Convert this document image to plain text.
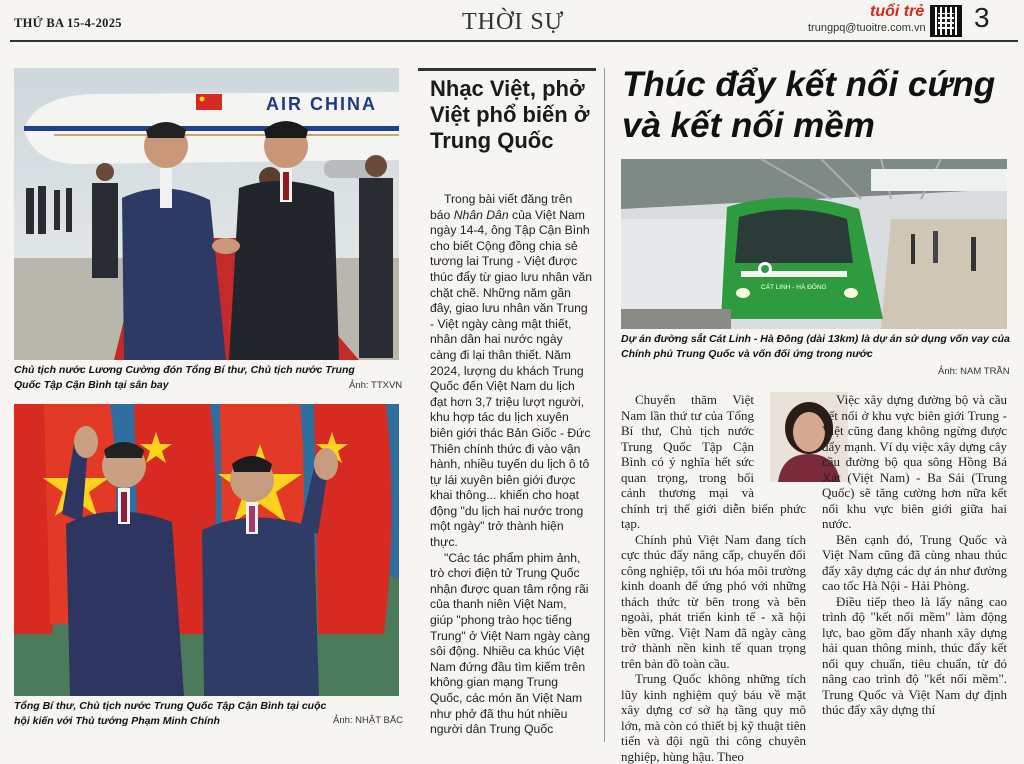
THỨ BA 15-4-2025	THỜI SỰ	tuổi trẻ
trungpq@tuoitre.com.vn 3
AIR CHINA
Chủ tịch nước Lương Cường đón Tổng Bí thư, Chủ tịch nước Trung Quốc Tập Cận Bình tại sân bay	Ảnh: TTXVN
Tổng Bí thư, Chủ tịch nước Trung Quốc Tập Cận Bình tại cuộc hội kiến với Thủ tướng Phạm Minh Chính	Ảnh: NHẬT BẮC
Nhạc Việt, phở Việt phổ biến ở Trung Quốc

Trong bài viết đăng trên báo Nhân Dân của Việt Nam ngày 14-4, ông Tập Cận Bình cho biết Cộng đồng chia sẻ tương lai Trung - Việt được thúc đẩy từ giao lưu nhân văn chặt chẽ. Những năm gần đây, giao lưu nhân văn Trung - Việt ngày càng mật thiết, nhân dân hai nước ngày càng đi lại thân thiết. Năm 2024, lượng du khách Trung Quốc đến Việt Nam du lịch đạt hơn 3,7 triệu lượt người, khu hợp tác du lịch xuyên biên giới thác Bản Giốc - Đức Thiên chính thức đi vào vận hành, nhiều tuyến du lịch ô tô tự lái xuyên biên giới được khai thông... khiến cho hoạt động "du lịch hai nước trong một ngày" trở thành hiện thực.

"Các tác phẩm phim ảnh, trò chơi điện tử Trung Quốc nhận được quan tâm rộng rãi của thanh niên Việt Nam, giúp "phong trào học tiếng Trung" ở Việt Nam ngày càng sôi động. Nhiều ca khúc Việt Nam đứng đầu tìm kiếm trên không gian mạng Trung Quốc, các món ăn Việt Nam như phở đã thu hút nhiều người dân Trung Quốc

Thúc đẩy kết nối cứng và kết nối mềm
CÁT LINH - HÀ ĐÔNG
Dự án đường sắt Cát Linh - Hà Đông (dài 13km) là dự án sử dụng vốn vay của Chính phủ Trung Quốc và vốn đối ứng trong nước
Ảnh: NAM TRẦN

Chuyến thăm Việt Nam lần thứ tư của Tổng Bí thư, Chủ tịch nước Trung Quốc Tập Cận Bình có ý nghĩa hết sức quan trọng, trong bối cảnh thương mại và chính trị thế giới diễn biến phức tạp.

Chính phủ Việt Nam đang tích cực thúc đẩy nâng cấp, chuyển đổi công nghiệp, tối ưu hóa môi trường kinh doanh để ứng phó với những thách thức từ bên trong và bên ngoài, phát triển kinh tế - xã hội bền vững. Việt Nam đã ngày càng trở thành nền kinh tế quan trọng trên bản đồ toàn cầu.

Trung Quốc không những tích lũy kinh nghiệm quý báu về mặt xây dựng cơ sở hạ tầng quy mô lớn, mà còn có thiết bị kỹ thuật tiên tiến và đội ngũ thi công chuyên nghiệp, hùng hậu. Theo

Việc xây dựng đường bộ và cầu kết nối ở khu vực biên giới Trung - Việt cũng đang không ngừng được đẩy mạnh. Ví dụ việc xây dựng cây cầu đường bộ qua sông Hồng Bá Xát (Việt Nam) - Ba Sái (Trung Quốc) sẽ tăng cường hơn nữa kết nối khu vực biên giới giữa hai nước.

Bên cạnh đó, Trung Quốc và Việt Nam cũng đã cùng nhau thúc đẩy xây dựng các dự án như đường cao tốc Hà Nội - Hải Phòng.

Điều tiếp theo là lấy nâng cao trình độ "kết nối mềm" làm động lực, bao gồm đẩy nhanh xây dựng hải quan thông minh, thúc đẩy kết nối quy chuẩn, tiêu chuẩn, từ đó nâng cao trình độ "kết nối mềm". Trung Quốc và Việt Nam dự định thúc đẩy xây dựng thí
